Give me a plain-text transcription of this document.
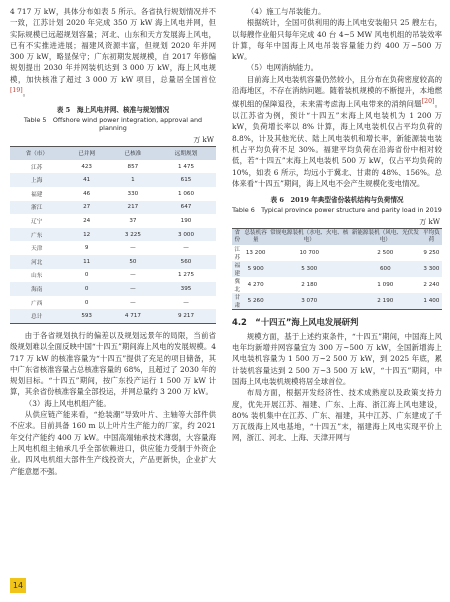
4 717 万 kW，具体分布如表 5 所示。各省执行规划情况并不一致，江苏计划 2020 年完成 350 万 kW 海上风电并网，但实际规模已远超规划容量；河北、山东和天方发展海上风电，已有不实推进进展；福建风资源丰富，但规划 2020 年并网 300 万 kW，略显保守；广东初期发展规模，自 2017 年修编规划提出 2030 年并网装机达到 3 000 万 kW，海上风电规模，加快核准了超过 3 000 万 kW 项目，总量居全国首位[19]。

表 5　海上风电并网、核准与规划情况

Table 5　Offshore wind power integration, approval and planning

万 kW

省（市）	已并网	已核准	远期规划
江苏	423	857	1 475
上海	41	1	615
福建	46	330	1 060
浙江	27	217	647
辽宁	24	37	190
广东	12	3 225	3 000
天津	9	—	—
河北	11	50	560
山东	0	—	1 275
海南	0	—	395
广西	0	—	—
总计	593	4 717	9 217

由于各省规划执行的偏差以及规划远景年的局限，当前省级规划难以全面反映中国“十四五”期间海上风电的发展规模。4 717 万 kW 的核准容量为“十四五”提供了充足的项目储备，其中广东省核准容量占总核准容量的 68%，且超过了 2030 年的规划目标。“十四五”期间，按广东投产运行 1 500 万 kW 计算，其余省份核准容量全部投运，并网总量约 3 200 万 kW。

（3）海上风电机组产能。

从供应链产能来看，“抢装潮”导致叶片、主轴等大部件供不应求。目前具备 160 m 以上叶片生产能力的厂家，约 2021 年交付产能约 400 万 kW。中国高端轴承技术薄弱，大容量海上风电机组主轴承几乎全部依赖进口，供应能力受制于外资企业。四风电机组大部件生产线投资大，产品更新快，企业扩大产能意愿不强。

（4）施工与吊装能力。

根据统计，全国可供利用的海上风电安装船只 25 艘左右，以每艘作业船只每年完成 40 台 4~5 MW 风电机组的吊装效率计算，每年中国海上风电吊装容量能力约 400 万~500 万 kW。

（5）电网消纳能力。

目前海上风电装机容量仍然较小，且分布在负荷密度较高的沿海地区，不存在消纳问题。随着装机规模的不断提升，本地燃煤机组的保障退役，未来需考虑海上风电带来的消纳问题[20]。以江苏省为例，预计“十四五”末海上风电装机为 1 200 万 kW，负荷增长率以 8% 计算，海上风电装机仅占平均负荷的 8.8%，计及其他光伏、陆上风电装机和增长率，新能源装电装机占平均负荷不足 30%。福建平均负荷在沿海省份中相对较低，若“十四五”末海上风电装机 500 万 kW，仅占平均负荷的 10%，如表 6 所示，均远小于冀北、甘肃的 48%、156%。总体来看“十四五”期间，海上风电不会产生规模化变电情况。

表 6　2019 年典型省份装机结构与负荷情况

Table 6　Typical province power structure and parity load in 2019

万 kW

省份	总装机容量	常规电源装机（水电、火电、核电）	新能源装机（风电、光伏发电）	平均负荷
江苏	13 200	10 700	2 500	9 250
福建	5 900	5 300	600	3 300
冀北	4 270	2 180	1 090	2 240
甘肃	5 260	3 070	2 190	1 400

4.2　“十四五”海上风电发展研判

规模方面，基于上述约束条件，“十四五”期间，中国海上风电年均新增并网容量宜为 300 万~500 万 kW，全国新增海上风电装机容量为 1 500 万~2 500 万 kW，到 2025 年底，累计装机容量达到 2 500 万~3 500 万 kW，“十四五”期间，中国海上风电装机规模将居全球首位。

布局方面，根据开发经济性、技术成熟度以及政策支持力度，优先开展江苏、福建、广东、上海、浙江海上风电建设，80% 装机集中在江苏、广东、福建，其中江苏、广东建成了千万瓦级海上风电基地，“十四五”末，福建海上风电实现平价上网，浙江、河北、上海、天津开网与

14
